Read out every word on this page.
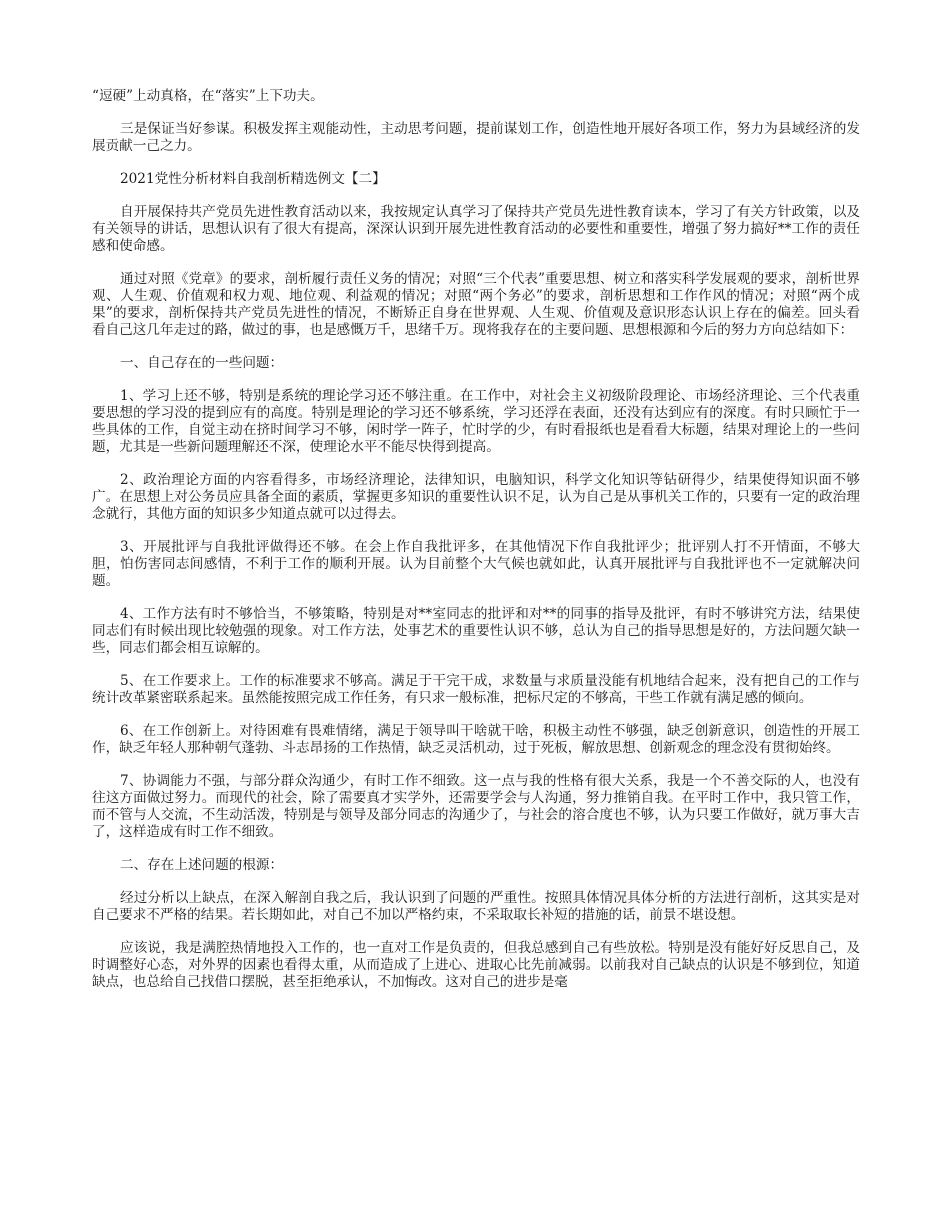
“逗硬”上动真格，在“落实”上下功夫。

三是保证当好参谋。积极发挥主观能动性，主动思考问题，提前谋划工作，创造性地开展好各项工作，努力为县域经济的发展贡献一己之力。

2021党性分析材料自我剖析精选例文【二】

自开展保持共产党员先进性教育活动以来，我按规定认真学习了保持共产党员先进性教育读本，学习了有关方针政策，以及有关领导的讲话，思想认识有了很大有提高，深深认识到开展先进性教育活动的必要性和重要性，增强了努力搞好**工作的责任感和使命感。

通过对照《党章》的要求，剖析履行责任义务的情况；对照“三个代表”重要思想、树立和落实科学发展观的要求，剖析世界观、人生观、价值观和权力观、地位观、利益观的情况；对照“两个务必”的要求，剖析思想和工作作风的情况；对照“两个成果”的要求，剖析保持共产党员先进性的情况，不断矫正自身在世界观、人生观、价值观及意识形态认识上存在的偏差。回头看看自己这几年走过的路，做过的事，也是感慨万千，思绪千万。现将我存在的主要问题、思想根源和今后的努力方向总结如下：

一、自己存在的一些问题：

1、学习上还不够，特别是系统的理论学习还不够注重。在工作中，对社会主义初级阶段理论、市场经济理论、三个代表重要思想的学习没的提到应有的高度。特别是理论的学习还不够系统，学习还浮在表面，还没有达到应有的深度。有时只顾忙于一些具体的工作，自觉主动在挤时间学习不够，闲时学一阵子，忙时学的少，有时看报纸也是看看大标题，结果对理论上的一些问题，尤其是一些新问题理解还不深，使理论水平不能尽快得到提高。

2、政治理论方面的内容看得多，市场经济理论，法律知识，电脑知识，科学文化知识等钻研得少，结果使得知识面不够广。在思想上对公务员应具备全面的素质，掌握更多知识的重要性认识不足，认为自己是从事机关工作的，只要有一定的政治理念就行，其他方面的知识多少知道点就可以过得去。

3、开展批评与自我批评做得还不够。在会上作自我批评多，在其他情况下作自我批评少；批评别人打不开情面，不够大胆，怕伤害同志间感情，不利于工作的顺利开展。认为目前整个大气候也就如此，认真开展批评与自我批评也不一定就解决问题。

4、工作方法有时不够恰当，不够策略，特别是对**室同志的批评和对**的同事的指导及批评，有时不够讲究方法，结果使同志们有时候出现比较勉强的现象。对工作方法，处事艺术的重要性认识不够，总认为自己的指导思想是好的，方法问题欠缺一些，同志们都会相互谅解的。

5、在工作要求上。工作的标准要求不够高。满足于干完干成，求数量与求质量没能有机地结合起来，没有把自己的工作与统计改革紧密联系起来。虽然能按照完成工作任务，有只求一般标准，把标尺定的不够高，干些工作就有满足感的倾向。

6、在工作创新上。对待困难有畏难情绪，满足于领导叫干啥就干啥，积极主动性不够强，缺乏创新意识，创造性的开展工作，缺乏年轻人那种朝气蓬勃、斗志昂扬的工作热情，缺乏灵活机动，过于死板，解放思想、创新观念的理念没有贯彻始终。

7、协调能力不强，与部分群众沟通少，有时工作不细致。这一点与我的性格有很大关系，我是一个不善交际的人，也没有往这方面做过努力。而现代的社会，除了需要真才实学外，还需要学会与人沟通，努力推销自我。在平时工作中，我只管工作，而不管与人交流，不生动活泼，特别是与领导及部分同志的沟通少了，与社会的溶合度也不够，认为只要工作做好，就万事大吉了，这样造成有时工作不细致。

二、存在上述问题的根源：

经过分析以上缺点，在深入解剖自我之后，我认识到了问题的严重性。按照具体情况具体分析的方法进行剖析，这其实是对自己要求不严格的结果。若长期如此，对自己不加以严格约束，不采取取长补短的措施的话，前景不堪设想。

应该说，我是满腔热情地投入工作的，也一直对工作是负责的，但我总感到自己有些放松。特别是没有能好好反思自己，及时调整好心态，对外界的因素也看得太重，从而造成了上进心、进取心比先前减弱。以前我对自己缺点的认识是不够到位，知道缺点，也总给自己找借口摆脱，甚至拒绝承认，不加悔改。这对自己的进步是毫
